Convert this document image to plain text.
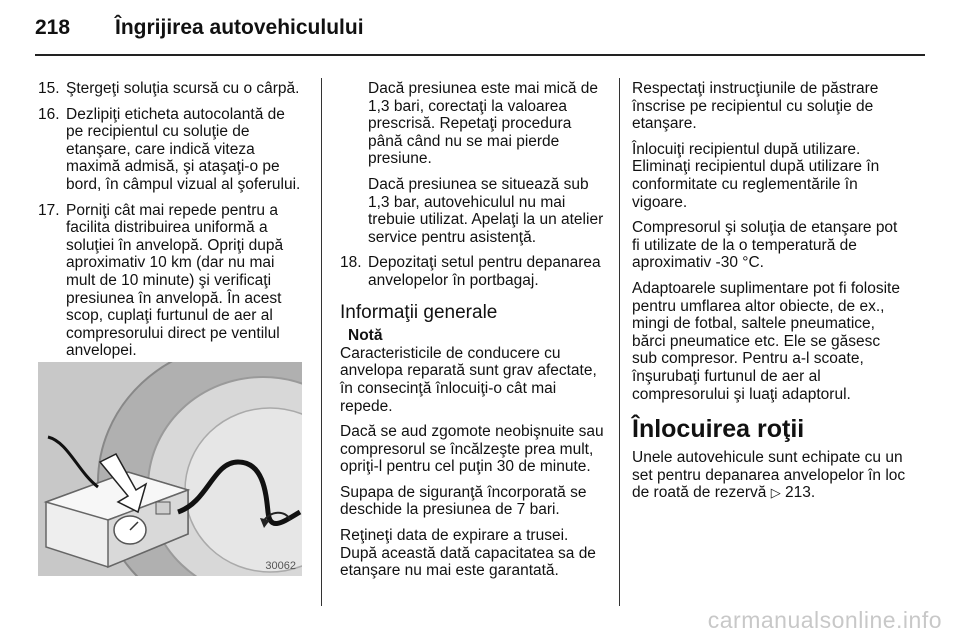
218 Îngrijirea autovehiculului
15. Ştergeţi soluţia scursă cu o cârpă.
16. Dezlipiţi eticheta autocolantă de pe recipientul cu soluţie de etanşare, care indică viteza maximă admisă, şi ataşaţi-o pe bord, în câmpul vizual al şoferului.
17. Porniţi cât mai repede pentru a facilita distribuirea uniformă a soluţiei în anvelopă. Opriţi după aproximativ 10 km (dar nu mai mult de 10 minute) şi verificaţi presiunea în anvelopă. În acest scop, cuplaţi furtunul de aer al compresorului direct pe ventilul anvelopei.
30062

Dacă presiunea este mai mică de 1,3 bari, corectaţi la valoarea prescrisă. Repetaţi procedura până când nu se mai pierde presiune.

Dacă presiunea se situează sub 1,3 bar, autovehiculul nu mai trebuie utilizat. Apelaţi la un atelier service pentru asistenţă.

18. Depozitaţi setul pentru depanarea anvelopelor în portbagaj.
Informaţii generale
Notă

Caracteristicile de conducere cu anvelopa reparată sunt grav afectate, în consecinţă înlocuiţi-o cât mai repede.

Dacă se aud zgomote neobişnuite sau compresorul se încălzeşte prea mult, opriţi-l pentru cel puţin 30 de minute.

Supapa de siguranţă încorporată se deschide la presiunea de 7 bari.

Reţineţi data de expirare a trusei. După această dată capacitatea sa de etanşare nu mai este garantată.

Respectaţi instrucţiunile de păstrare înscrise pe recipientul cu soluţie de etanşare.

Înlocuiţi recipientul după utilizare. Eliminaţi recipientul după utilizare în conformitate cu reglementările în vigoare.

Compresorul şi soluţia de etanşare pot fi utilizate de la o temperatură de aproximativ -30 °C.

Adaptoarele suplimentare pot fi folosite pentru umflarea altor obiecte, de ex., mingi de fotbal, saltele pneumatice, bărci pneumatice etc. Ele se găsesc sub compresor. Pentru a-l scoate, înşurubaţi furtunul de aer al compresorului şi luaţi adaptorul.

Înlocuirea roţii

Unele autovehicule sunt echipate cu un set pentru depanarea anvelopelor în loc de roată de rezervă ▷ 213.

carmanualsonline.info
